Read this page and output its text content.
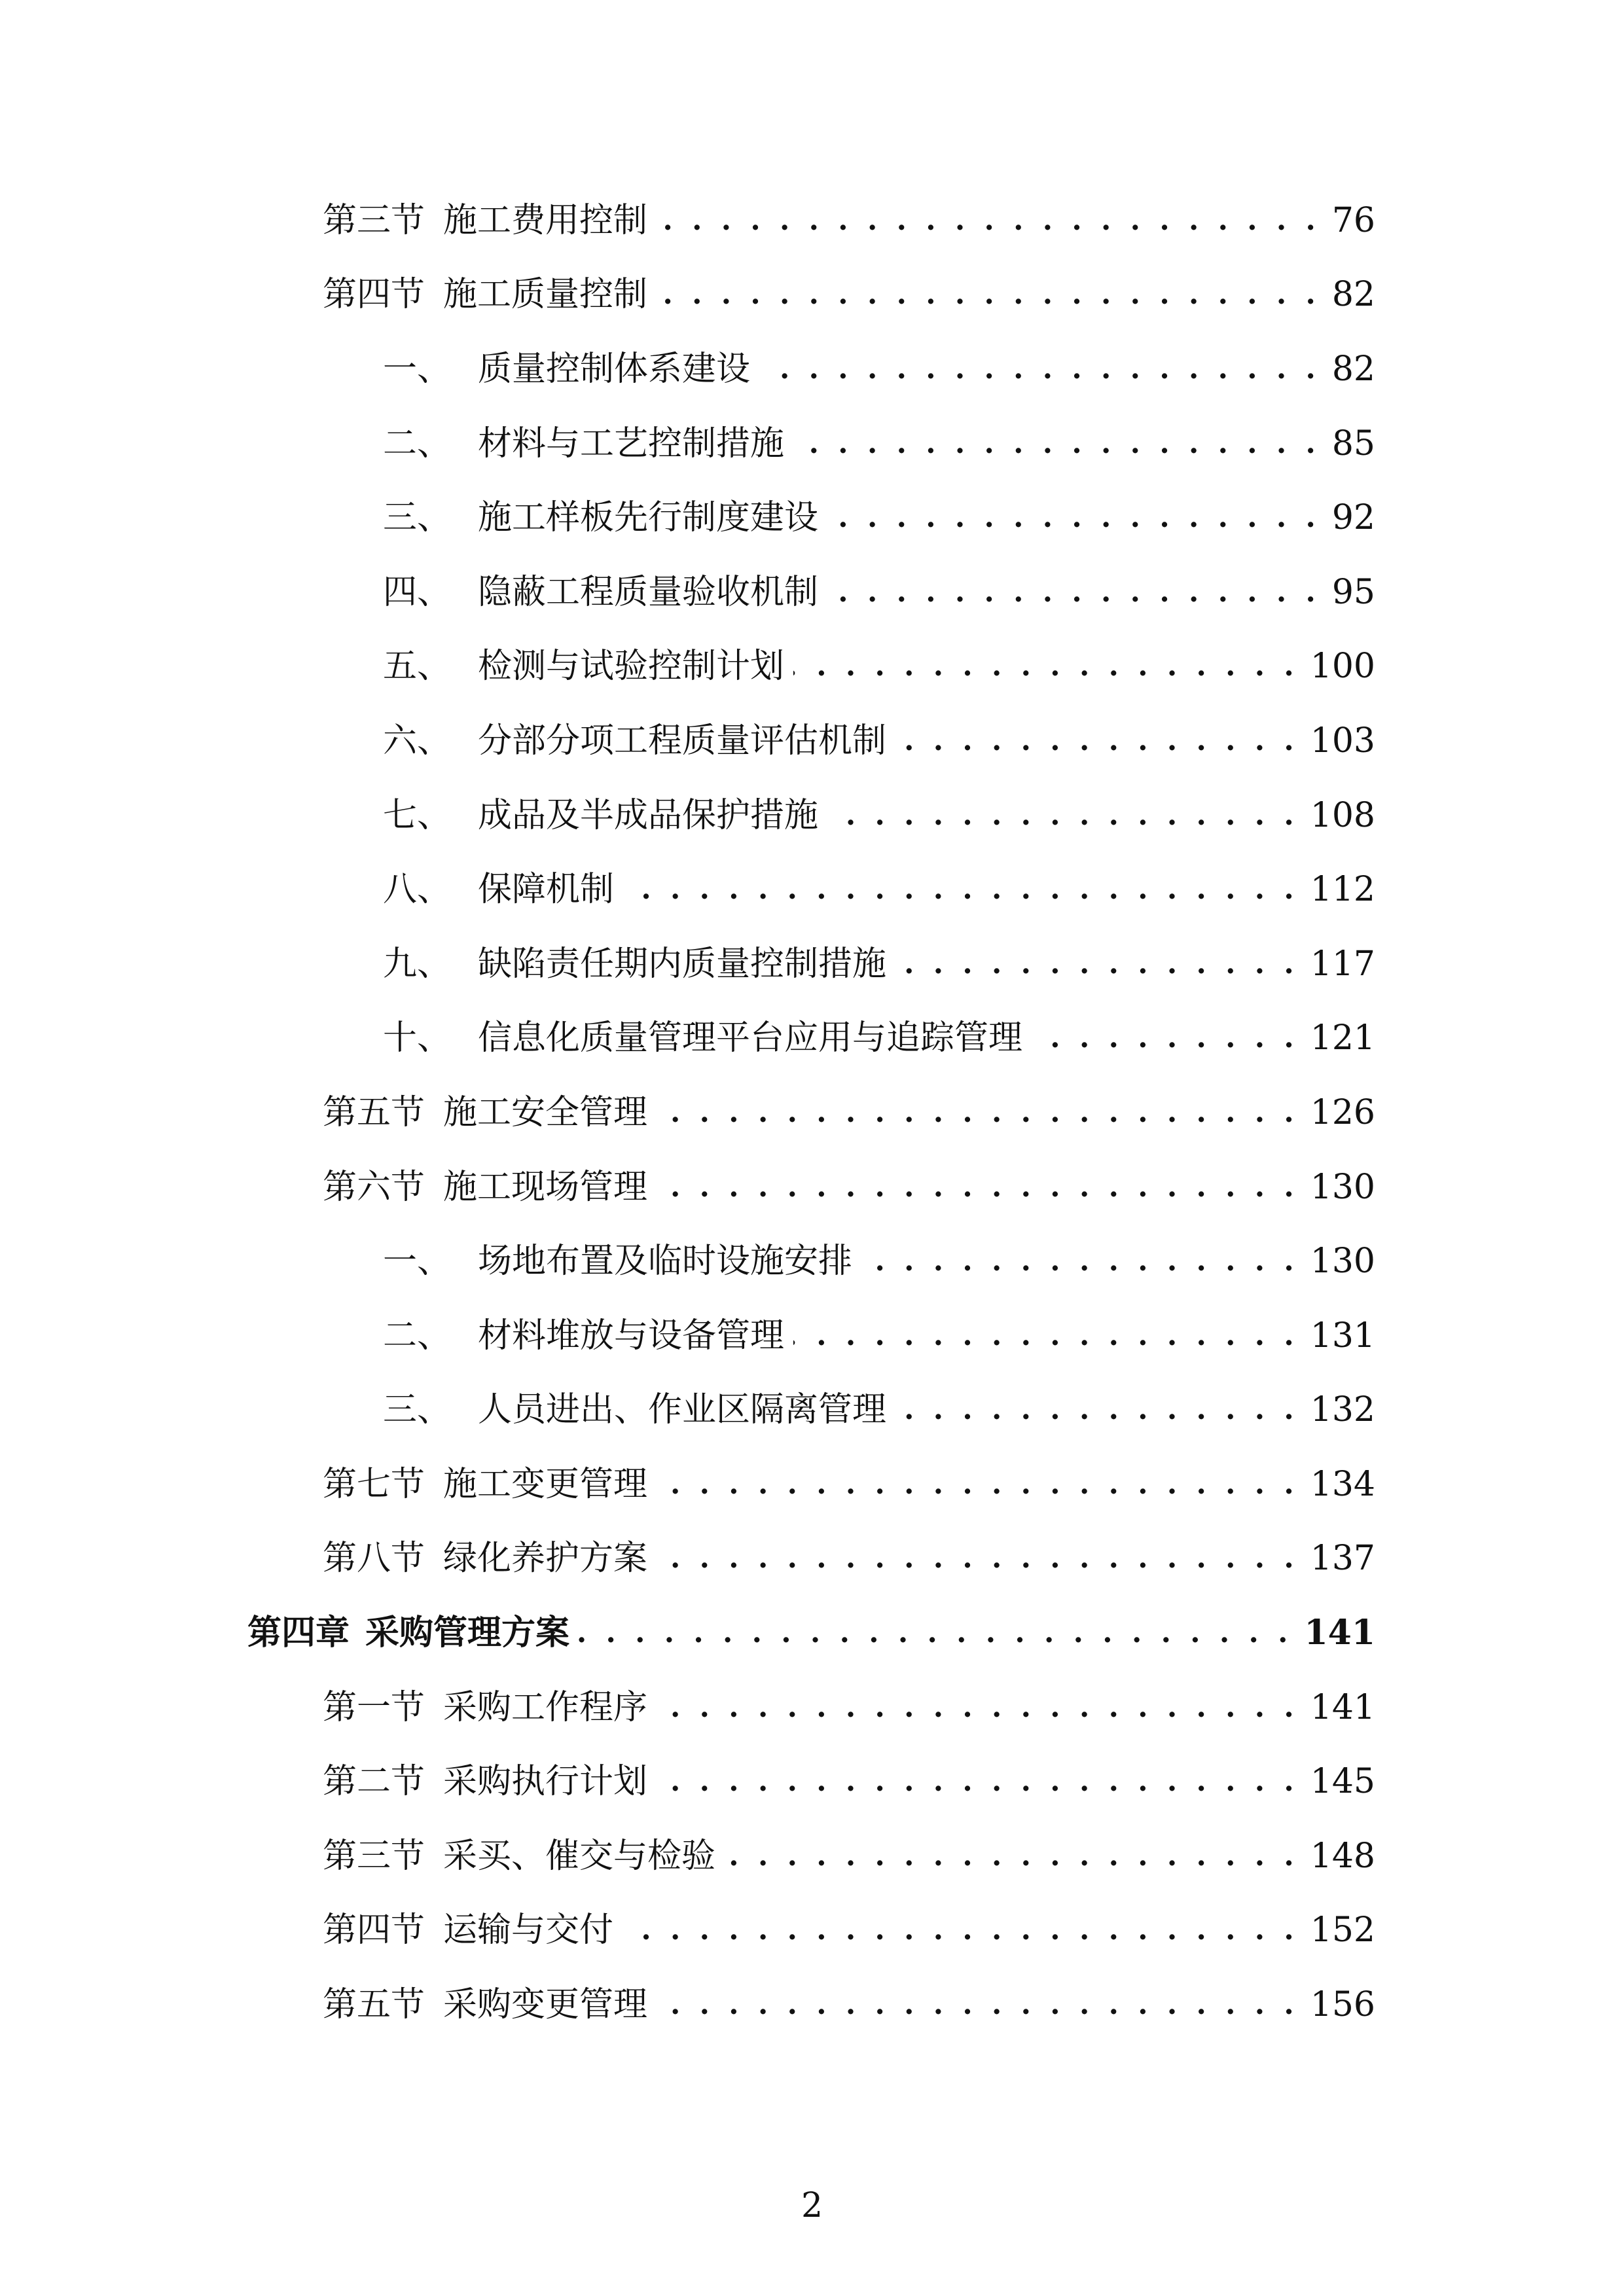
第三节 施工费用控制 . . .	76
第四节 施工质量控制 . . .	82
一、 质量控制体系建设 . . .	82
二、 材料与工艺控制措施 . . .	85
三、 施工样板先行制度建设 . . .	92
四、 隐蔽工程质量验收机制 . . .	95
五、 检测与试验控制计划 . . .	100
六、 分部分项工程质量评估机制 . . .	103
七、 成品及半成品保护措施 . . .	108
八、 保障机制 . . .	112
九、 缺陷责任期内质量控制措施 . . .	117
十、 信息化质量管理平台应用与追踪管理 . . .	121
第五节 施工安全管理 . . .	126
第六节 施工现场管理 . . .	130
一、 场地布置及临时设施安排 . . .	130
二、 材料堆放与设备管理 . . .	131
三、 人员进出、作业区隔离管理 . . .	132
第七节 施工变更管理 . . .	134
第八节 绿化养护方案 . . .	137
第四章 采购管理方案 . . .	141
第一节 采购工作程序 . . .	141
第二节 采购执行计划 . . .	145
第三节 采买、催交与检验 . . .	148
第四节 运输与交付 . . .	152
第五节 采购变更管理 . . .	156
2
